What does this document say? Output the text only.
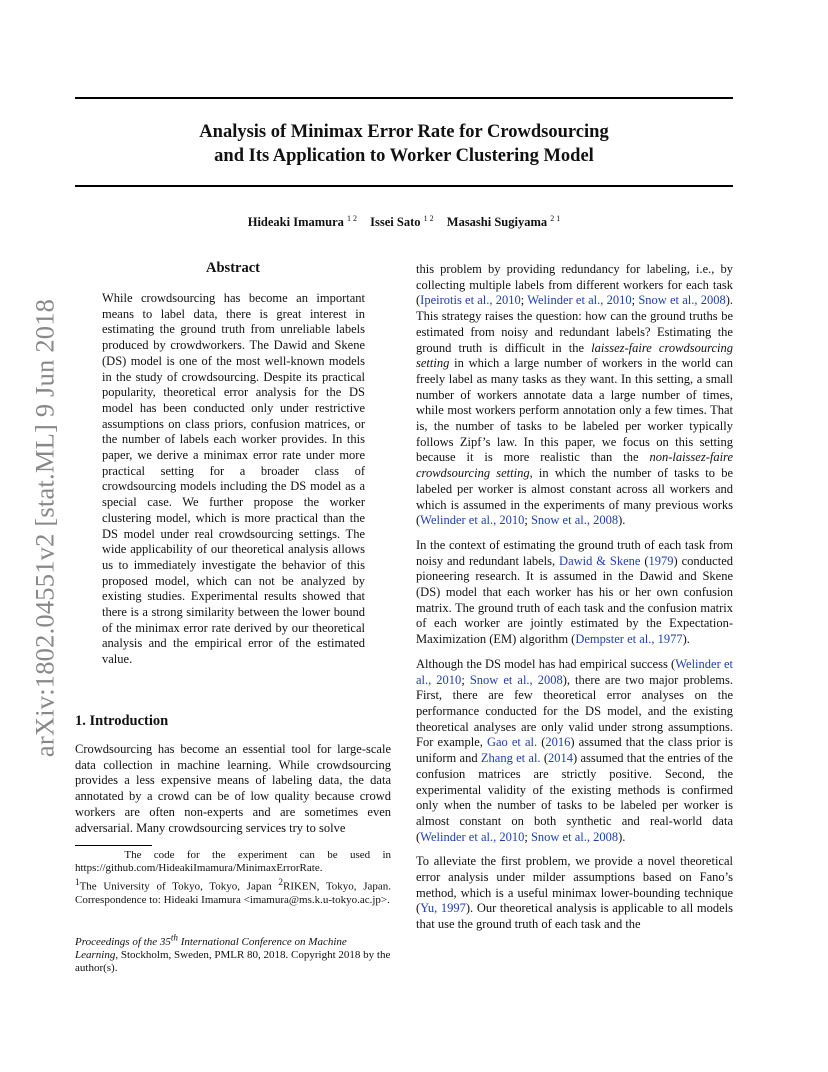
Analysis of Minimax Error Rate for Crowdsourcing
and Its Application to Worker Clustering Model
Hideaki Imamura $^{1 2}$ Issei Sato $^{1 2}$ Masashi Sugiyama $^{2 1}$
arXiv:1802.04551v2 [stat.ML] 9 Jun 2018
Abstract

While crowdsourcing has become an important means to label data, there is great interest in estimating the ground truth from unreliable labels produced by crowdworkers. The Dawid and Skene (DS) model is one of the most well-known models in the study of crowdsourcing. Despite its practical popularity, theoretical error analysis for the DS model has been conducted only under restrictive assumptions on class priors, confusion matrices, or the number of labels each worker provides. In this paper, we derive a minimax error rate under more practical setting for a broader class of crowdsourcing models including the DS model as a special case. We further propose the worker clustering model, which is more practical than the DS model under real crowdsourcing settings. The wide applicability of our theoretical analysis allows us to immediately investigate the behavior of this proposed model, which can not be analyzed by existing studies. Experimental results showed that there is a strong similarity between the lower bound of the minimax error rate derived by our theoretical analysis and the empirical error of the estimated value.

1. Introduction

Crowdsourcing has become an essential tool for large-scale data collection in machine learning. While crowdsourcing provides a less expensive means of labeling data, the data annotated by a crowd can be of low quality because crowd workers are often non-experts and are sometimes even adversarial. Many crowdsourcing services try to solve

The code for the experiment can be used in https://github.com/HideakiImamura/MinimaxErrorRate.

$^1$The University of Tokyo, Tokyo, Japan $^2$RIKEN, Tokyo, Japan. Correspondence to: Hideaki Imamura <imamura@ms.k.u-tokyo.ac.jp>.

Proceedings of the 35th International Conference on Machine Learning, Stockholm, Sweden, PMLR 80, 2018. Copyright 2018 by the author(s).

this problem by providing redundancy for labeling, i.e., by collecting multiple labels from different workers for each task (Ipeirotis et al., 2010; Welinder et al., 2010; Snow et al., 2008). This strategy raises the question: how can the ground truths be estimated from noisy and redundant labels? Estimating the ground truth is difficult in the laissez-faire crowdsourcing setting in which a large number of workers in the world can freely label as many tasks as they want. In this setting, a small number of workers annotate data a large number of times, while most workers perform annotation only a few times. That is, the number of tasks to be labeled per worker typically follows Zipf’s law. In this paper, we focus on this setting because it is more realistic than the non-laissez-faire crowdsourcing setting, in which the number of tasks to be labeled per worker is almost constant across all workers and which is assumed in the experiments of many previous works (Welinder et al., 2010; Snow et al., 2008).

In the context of estimating the ground truth of each task from noisy and redundant labels, Dawid & Skene (1979) conducted pioneering research. It is assumed in the Dawid and Skene (DS) model that each worker has his or her own confusion matrix. The ground truth of each task and the confusion matrix of each worker are jointly estimated by the Expectation-Maximization (EM) algorithm (Dempster et al., 1977).

Although the DS model has had empirical success (Welinder et al., 2010; Snow et al., 2008), there are two major problems. First, there are few theoretical error analyses on the performance conducted for the DS model, and the existing theoretical analyses are only valid under strong assumptions. For example, Gao et al. (2016) assumed that the class prior is uniform and Zhang et al. (2014) assumed that the entries of the confusion matrices are strictly positive. Second, the experimental validity of the existing methods is confirmed only when the number of tasks to be labeled per worker is almost constant on both synthetic and real-world data (Welinder et al., 2010; Snow et al., 2008).

To alleviate the first problem, we provide a novel theoretical error analysis under milder assumptions based on Fano’s method, which is a useful minimax lower-bounding technique (Yu, 1997). Our theoretical analysis is applicable to all models that use the ground truth of each task and the
